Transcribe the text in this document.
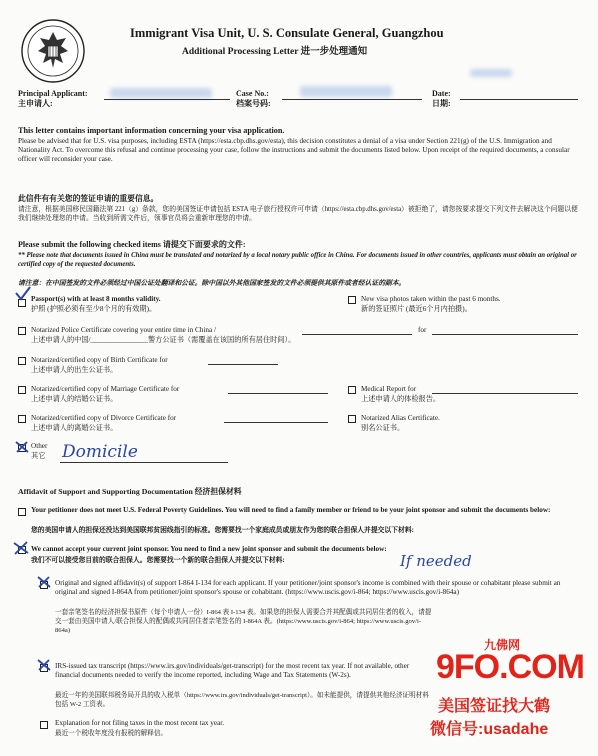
Immigrant Visa Unit, U. S. Consulate General, Guangzhou
Additional Processing Letter 进一步处理通知
Principal Applicant:
主申请人:
Case No.:
档案号码:
Date:
日期:
This letter contains important information concerning your visa application.
Please be advised that for U.S. visa purposes, including ESTA (https://esta.cbp.dhs.gov/esta), this decision constitutes a denial of a visa under Section 221(g) of the U.S. Immigration and Nationality Act. To overcome this refusal and continue processing your case, follow the instructions and submit the documents listed below. Upon receipt of the required documents, a consular officer will reconsider your case.
此信件有有关您的签证申请的重要信息。
请注意，根据美国移民国籍法第 221（g）条款，您的美国签证申请包括 ESTA 电子旅行授权许可申请（https://esta.cbp.dhs.gov/esta）被拒绝了，请您按要求提交下列文件去解决这个问题以便我们继续处理您的申请。当收到所需文件后，领事官员将会重新审理您的申请。
Please submit the following checked items 请提交下面要求的文件:
** Please note that documents issued in China must be translated and notarized by a local notary public office in China. For documents issued in other countries, applicants must obtain an original or certified copy of the requested documents.
请注意：在中国签发的文件必须经过中国公证处翻译和公证。除中国以外其他国家签发的文件必须提供其原件或者经认证的副本。
Passport(s) with at least 8 months validity.
护照 (护照必须有至少8个月的有效期)。
New visa photos taken within the past 6 months.
新的签证照片 (最近6个月内拍摄)。
Notarized Police Certificate covering your entire time in China /	for
上述申请人的中国/________________警方公证书（需覆盖在该国的所有居住时间）。
Notarized/certified copy of Birth Certificate for
上述申请人的出生公证书。
Notarized/certified copy of Marriage Certificate for
上述申请人的结婚公证书。
Medical Report for
上述申请人的体检报告。
Notarized/certified copy of Divorce Certificate for
上述申请人的离婚公证书。
Notarized Alias Certificate.
别名公证书。
Other
其它 Domicile
Affidavit of Support and Supporting Documentation 经济担保材料
Your petitioner does not meet U.S. Federal Poverty Guidelines. You will need to find a family member or friend to be your joint sponsor and submit the documents below:
您的美国申请人的担保还没达到美国联邦贫困线指引的标准。您需要找一个家庭成员或朋友作为您的联合担保人并提交以下材料:
We cannot accept your current joint sponsor. You need to find a new joint sponsor and submit the documents below:
我们不可以接受您目前的联合担保人。您需要找一个新的联合担保人并提交以下材料:	If needed
Original and signed affidavit(s) of support I-864 I-134 for each applicant. If your petitioner/joint sponsor's income is combined with their spouse or cohabitant please submit an original and signed I-864A from petitioner/joint sponsor's spouse or cohabitant. (https://www.uscis.gov/i-864; https://www.uscis.gov/i-864a)
一套亲笔签名的经济担保书原件（每个申请人一份）I-864 表 I-134 表。如果您的担保人需要合并其配偶或共同居住者的收入，请提交一套由美国申请人/联合担保人的配偶或共同居住者亲笔签名的 I-864A 表。(https://www.uscis.gov/i-864; https://www.uscis.gov/i-864a)
IRS-issued tax transcript (https://www.irs.gov/individuals/get-transcript) for the most recent tax year. If not available, other financial documents needed to verify the income reported, including Wage and Tax Statements (W-2s).
最近一年的美国联邦税务局开具的收入税单（https://www.irs.gov/individuals/get-transcript）。如未能提供，请提供其他经济证明材料包括 W-2 工资表。
Explanation for not filing taxes in the most recent tax year.
最近一个税收年度没有报税的解释信。
九佛网
9FO.COM
美国签证找大鹤
微信号:usadahe
